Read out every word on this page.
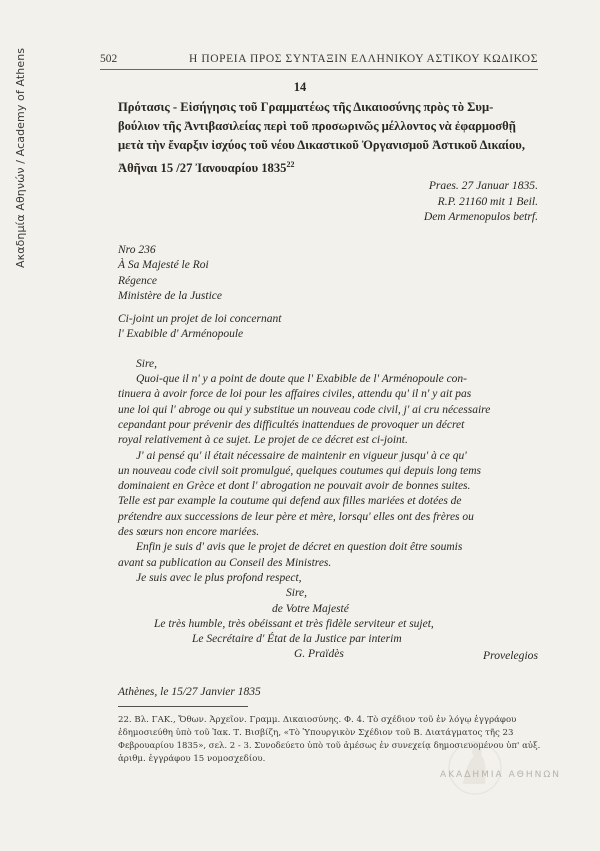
Ακαδημία Αθηνών / Academy of Athens	502	Η ΠΟΡΕΙΑ ΠΡΟΣ ΣΥΝΤΑΞΙΝ ΕΛΛΗΝΙΚΟΥ ΑΣΤΙΚΟΥ ΚΩΔΙΚΟΣ
14
Πρότασις - Εἰσήγησις τοῦ Γραμματέως τῆς Δικαιοσύνης πρὸς τὸ Συμ-
βούλιον τῆς Ἀντιβασιλείας περὶ τοῦ προσωρινῶς μέλλοντος νὰ ἐφαρμοσθῇ
μετὰ τὴν ἔναρξιν ἰσχύος τοῦ νέου Δικαστικοῦ Ὀργανισμοῦ Ἀστικοῦ Δικαίου,
Ἀθῆναι 15 /27 Ἰανουαρίου 1835$^{22}$
Praes. 27 Januar 1835.
R.P. 21160 mit 1 Beil.
Dem Armenopulos betrf.
Nro 236
À Sa Majesté le Roi
Régence
Ministère de la Justice
Ci-joint un projet de loi concernant
l' Exabible d' Arménopoule
Sire,
Quoi-que il n' y a point de doute que l' Exabible de l' Arménopoule con-
tinuera à avoir force de loi pour les affaires civiles, attendu qu' il n' y ait pas
une loi qui l' abroge ou qui y substitue un nouveau code civil, j' ai cru nécessaire
cepandant pour prévenir des difficultés inattendues de provoquer un décret
royal relativement à ce sujet. Le projet de ce décret est ci-joint.
J' ai pensé qu' il était nécessaire de maintenir en vigueur jusqu' à ce qu'
un nouveau code civil soit promulgué, quelques coutumes qui depuis long tems
dominaient en Grèce et dont l' abrogation ne pouvait avoir de bonnes suites.
Telle est par example la coutume qui defend aux filles mariées et dotées de
prétendre aux successions de leur père et mère, lorsqu' elles ont des frères ou
des sœurs non encore mariées.
Enfin je suis d' avis que le projet de décret en question doit être soumis
avant sa publication au Conseil des Ministres.
Je suis avec le plus profond respect,
Sire,
de Votre Majesté
Le très humble, très obéissant et très fidèle serviteur et sujet,
Le Secrétaire d' État de la Justice par interim
G. Praïdès
Athènes, le 15/27 Janvier 1835
Provelegios
22. Βλ. ΓΑΚ., Ὄθων. Ἀρχεῖον. Γραμμ. Δικαιοσύνης. Φ. 4. Τὸ σχέδιον τοῦ ἐν λόγῳ ἐγγράφου
ἐδημοσιεύθη ὑπὸ τοῦ Ἰακ. Τ. Βισβίζη, «Τὸ Ὑπουργικὸν Σχέδιον τοῦ Β. Διατάγματος τῆς 23
Φεβρουαρίου 1835», σελ. 2 - 3. Συνοδεύετο ὑπὸ τοῦ ἀμέσως ἐν συνεχείᾳ δημοσιευομένου ὑπ' αὐξ.
ἀριθμ. ἐγγράφου 15 νομοσχεδίου.
ΑΚΑΔΗΜΙΑ ΑΘΗΝΩΝ
